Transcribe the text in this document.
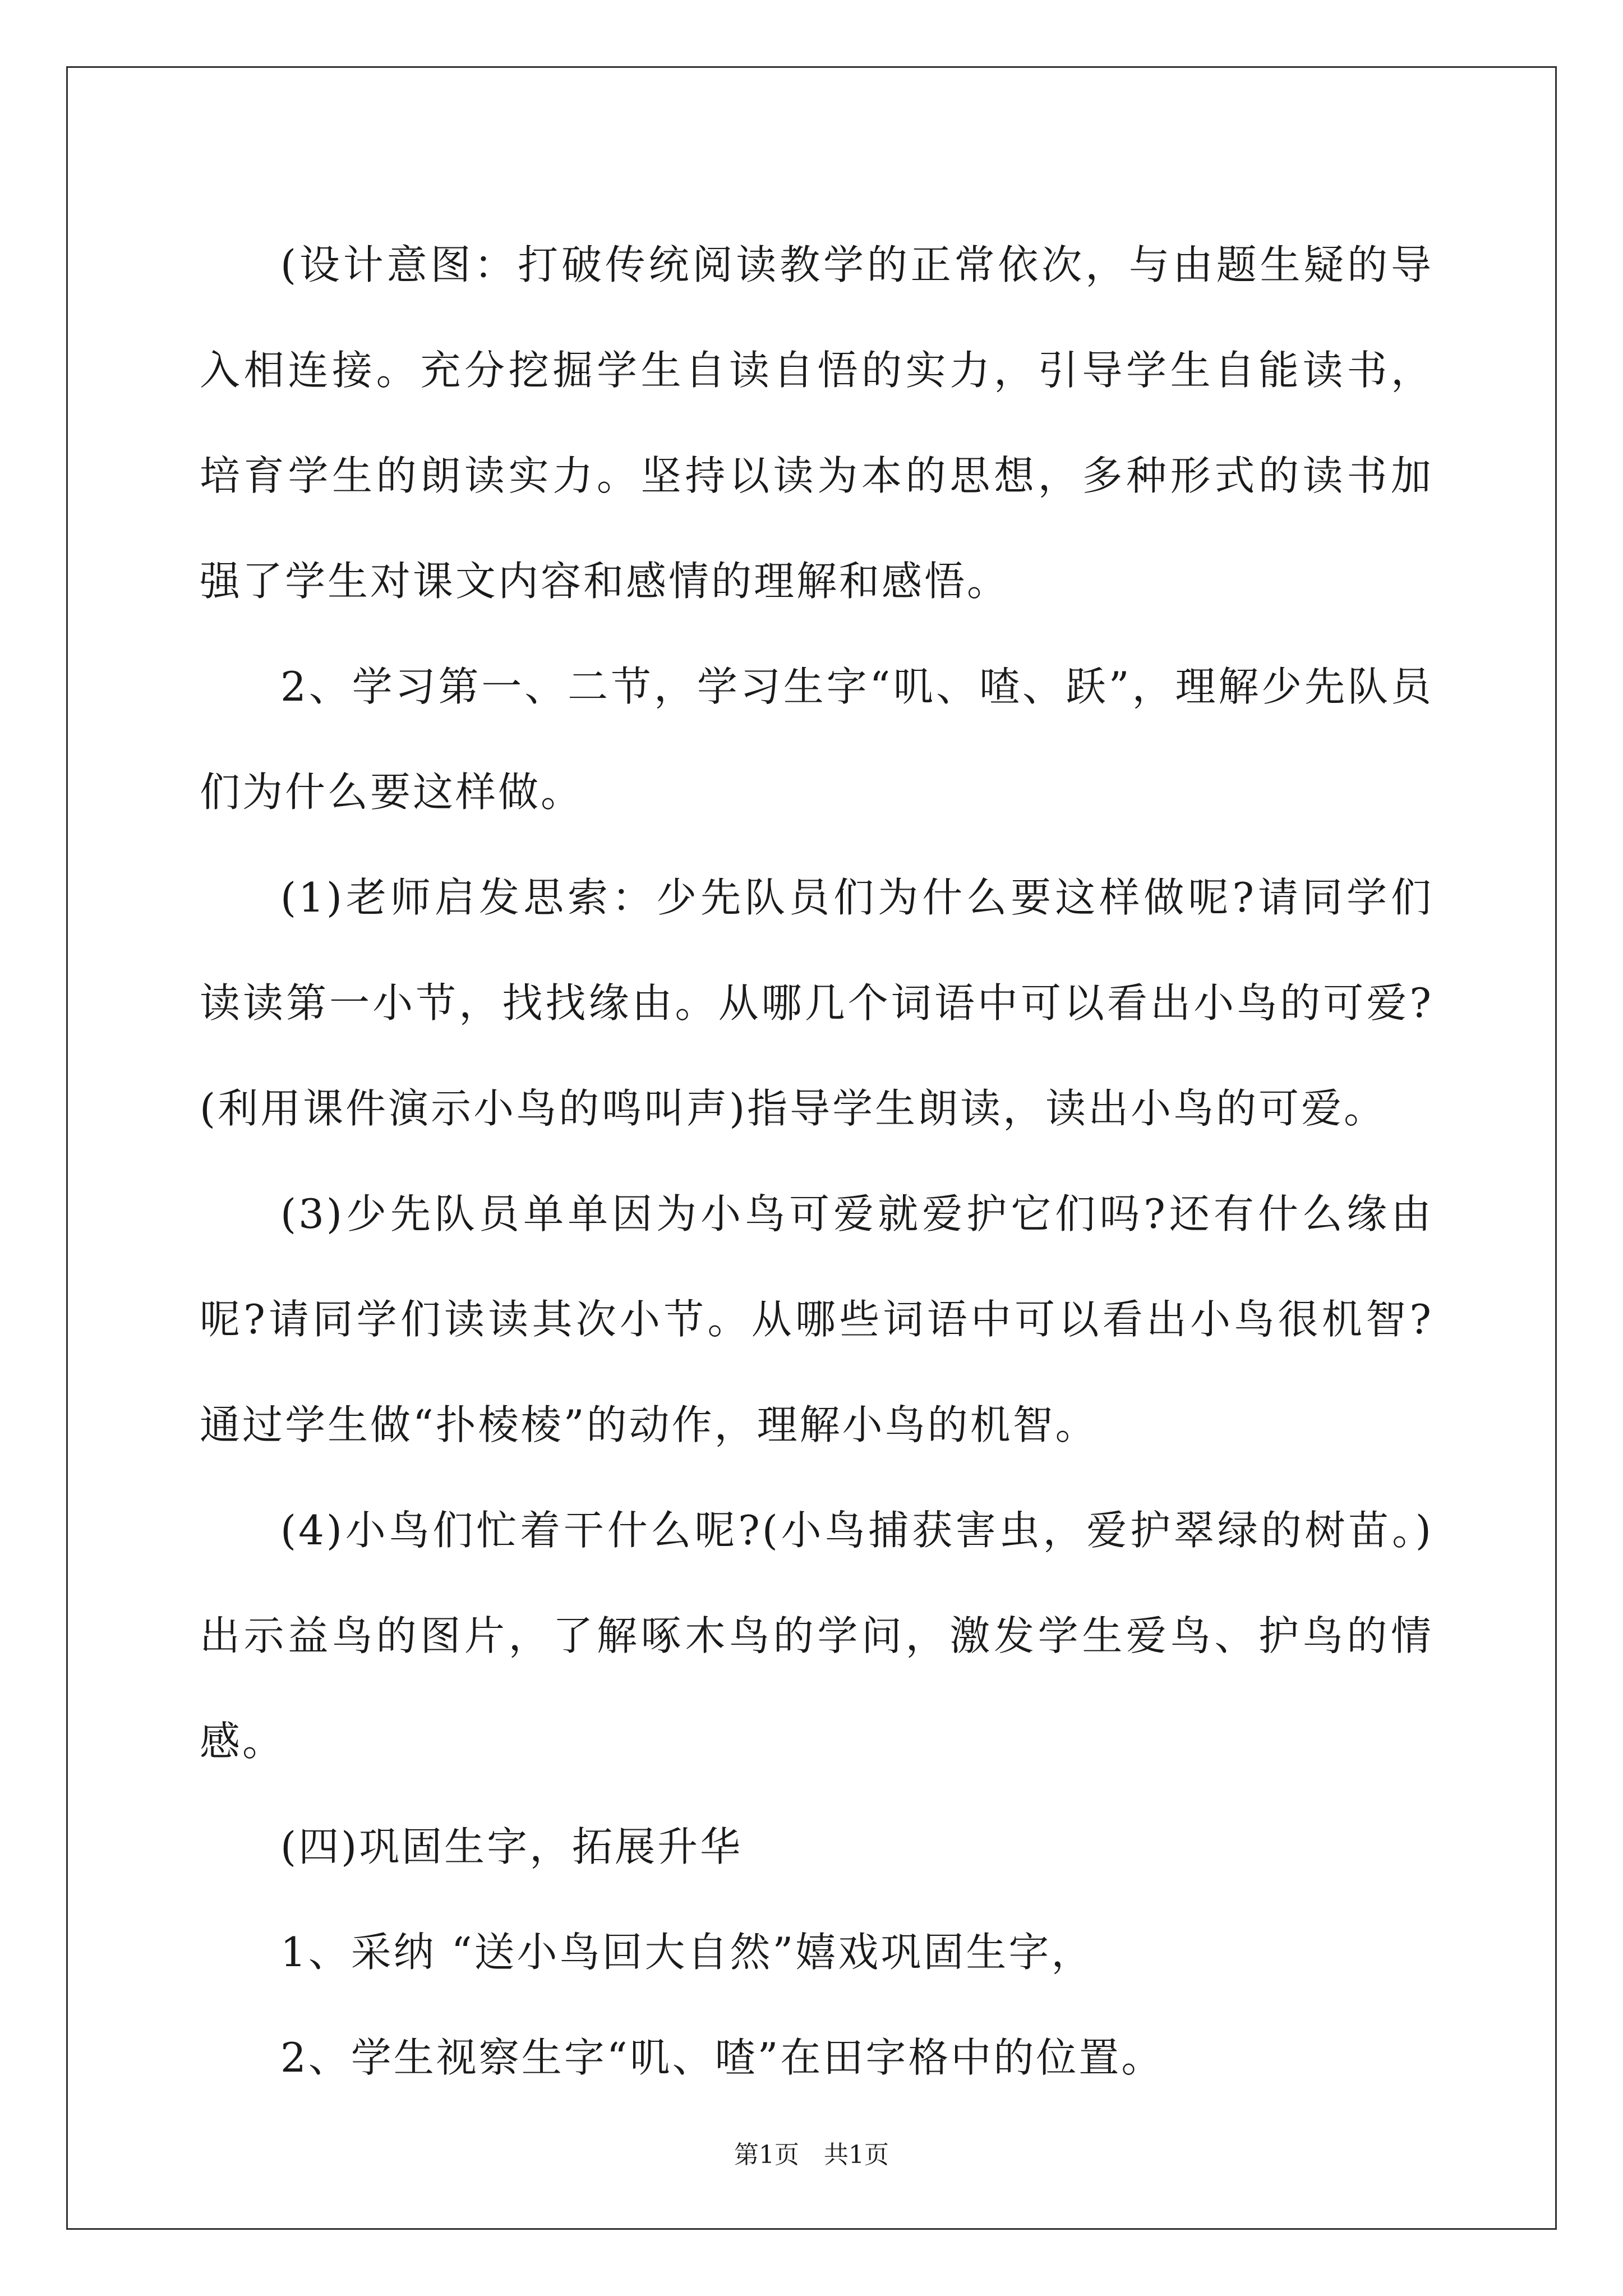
(设计意图：打破传统阅读教学的正常依次，与由题生疑的导入相连接。充分挖掘学生自读自悟的实力，引导学生自能读书，培育学生的朗读实力。坚持以读为本的思想，多种形式的读书加强了学生对课文内容和感情的理解和感悟。

2、学习第一、二节，学习生字“叽、喳、跃”，理解少先队员们为什么要这样做。

(1)老师启发思索：少先队员们为什么要这样做呢?请同学们读读第一小节，找找缘由。从哪几个词语中可以看出小鸟的可爱?(利用课件演示小鸟的鸣叫声)指导学生朗读，读出小鸟的可爱。

(3)少先队员单单因为小鸟可爱就爱护它们吗?还有什么缘由呢?请同学们读读其次小节。从哪些词语中可以看出小鸟很机智?通过学生做“扑棱棱”的动作，理解小鸟的机智。

(4)小鸟们忙着干什么呢?(小鸟捕获害虫，爱护翠绿的树苗。)出示益鸟的图片，了解啄木鸟的学问，激发学生爱鸟、护鸟的情感。

(四)巩固生字，拓展升华

1、采纳 “送小鸟回大自然”嬉戏巩固生字，

2、学生视察生字“叽、喳”在田字格中的位置。

第1页　共1页
